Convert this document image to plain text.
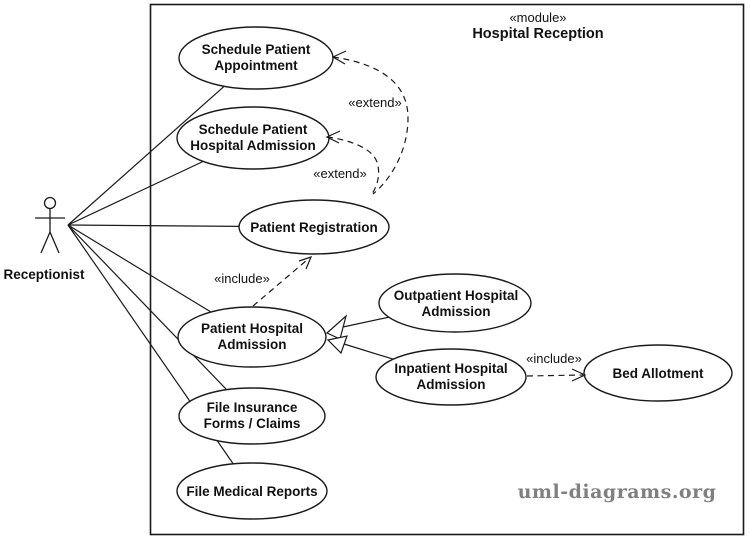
«module»
Hospital Reception
Schedule Patient
Appointment
Schedule Patient
Hospital Admission
Patient Registration
Patient Hospital
Admission
Outpatient Hospital
Admission
Inpatient Hospital
Admission
Bed Allotment
File Insurance
Forms / Claims
File Medical Reports
«extend»
«extend»
«include»
«include»
Receptionist
uml-diagrams.org
